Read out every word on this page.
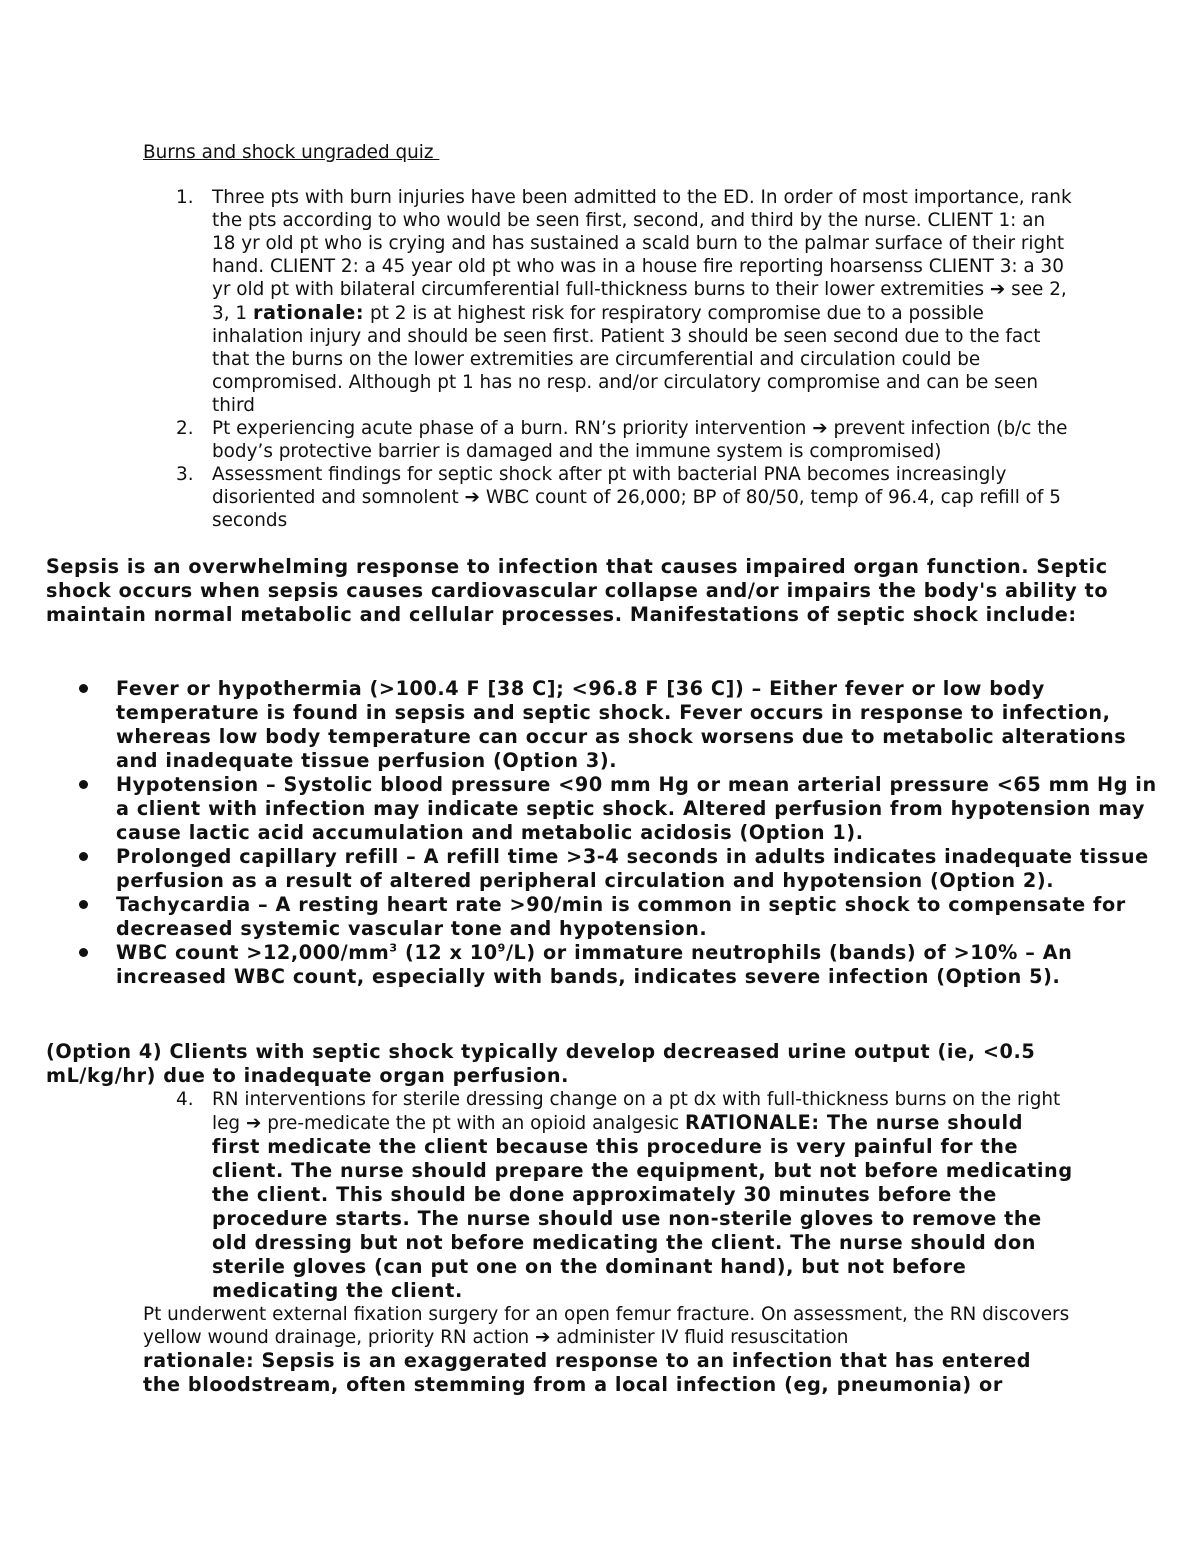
Burns and shock ungraded quiz
1. Three pts with burn injuries have been admitted to the ED. In order of most importance, rank the pts according to who would be seen first, second, and third by the nurse. CLIENT 1: an 18 yr old pt who is crying and has sustained a scald burn to the palmar surface of their right hand. CLIENT 2: a 45 year old pt who was in a house fire reporting hoarsenss CLIENT 3: a 30 yr old pt with bilateral circumferential full-thickness burns to their lower extremities ➔ see 2, 3, 1 rationale: pt 2 is at highest risk for respiratory compromise due to a possible inhalation injury and should be seen first. Patient 3 should be seen second due to the fact that the burns on the lower extremities are circumferential and circulation could be compromised. Although pt 1 has no resp. and/or circulatory compromise and can be seen third
2. Pt experiencing acute phase of a burn. RN’s priority intervention ➔ prevent infection (b/c the body’s protective barrier is damaged and the immune system is compromised)
3. Assessment findings for septic shock after pt with bacterial PNA becomes increasingly disoriented and somnolent ➔ WBC count of 26,000; BP of 80/50, temp of 96.4, cap refill of 5 seconds
Sepsis is an overwhelming response to infection that causes impaired organ function. Septic shock occurs when sepsis causes cardiovascular collapse and/or impairs the body's ability to maintain normal metabolic and cellular processes. Manifestations of septic shock include:
Fever or hypothermia (>100.4 F [38 C]; <96.8 F [36 C]) – Either fever or low body temperature is found in sepsis and septic shock. Fever occurs in response to infection, whereas low body temperature can occur as shock worsens due to metabolic alterations and inadequate tissue perfusion (Option 3).
Hypotension – Systolic blood pressure <90 mm Hg or mean arterial pressure <65 mm Hg in a client with infection may indicate septic shock. Altered perfusion from hypotension may cause lactic acid accumulation and metabolic acidosis (Option 1).
Prolonged capillary refill – A refill time >3-4 seconds in adults indicates inadequate tissue perfusion as a result of altered peripheral circulation and hypotension (Option 2).
Tachycardia – A resting heart rate >90/min is common in septic shock to compensate for decreased systemic vascular tone and hypotension.
WBC count $>12,000/mm^3$ (12 x $10^9/L$) or immature neutrophils (bands) of >10% – An increased WBC count, especially with bands, indicates severe infection (Option 5).
(Option 4) Clients with septic shock typically develop decreased urine output (ie, <0.5 mL/kg/hr) due to inadequate organ perfusion.
4. RN interventions for sterile dressing change on a pt dx with full-thickness burns on the right leg ➔ pre-medicate the pt with an opioid analgesic RATIONALE: The nurse should first medicate the client because this procedure is very painful for the client. The nurse should prepare the equipment, but not before medicating the client. This should be done approximately 30 minutes before the procedure starts. The nurse should use non-sterile gloves to remove the old dressing but not before medicating the client. The nurse should don sterile gloves (can put one on the dominant hand), but not before medicating the client.
Pt underwent external fixation surgery for an open femur fracture. On assessment, the RN discovers yellow wound drainage, priority RN action ➔ administer IV fluid resuscitation
rationale: Sepsis is an exaggerated response to an infection that has entered the bloodstream, often stemming from a local infection (eg, pneumonia) or
